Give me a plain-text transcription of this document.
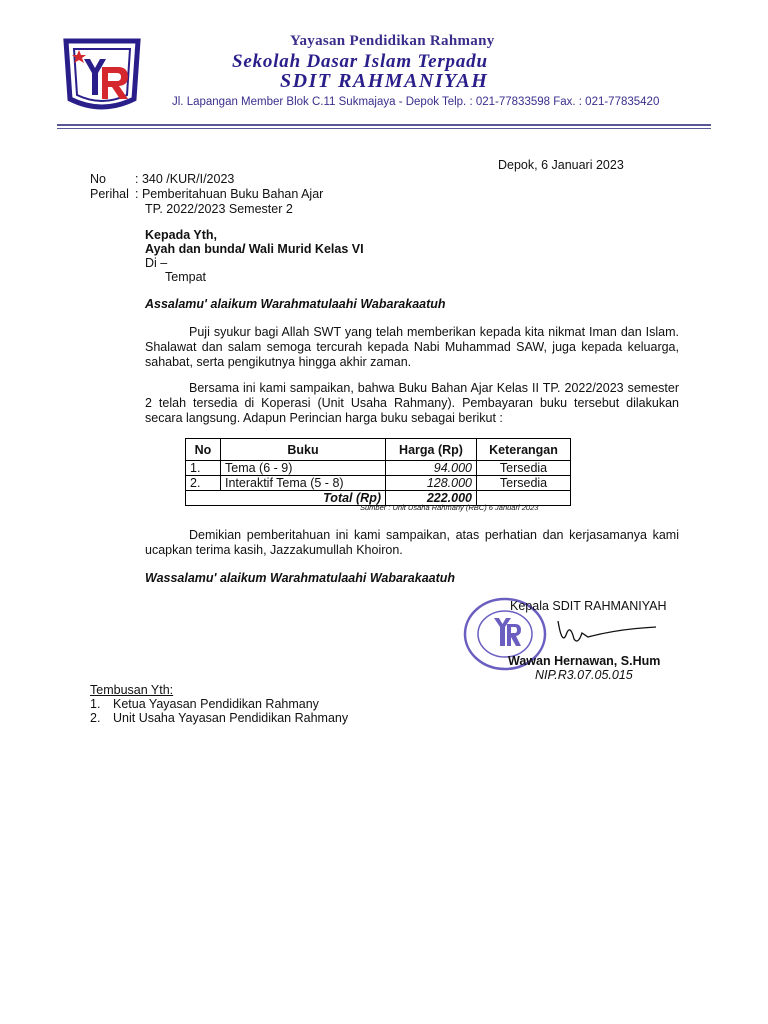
Yayasan Pendidikan Rahmany
Sekolah Dasar Islam Terpadu
SDIT RAHMANIYAH
Jl. Lapangan Member Blok C.11 Sukmajaya - Depok Telp. : 021-77833598 Fax. : 021-77835420
Depok, 6 Januari 2023
No : 340 /KUR/I/2023
Perihal : Pemberitahuan Buku Bahan Ajar
TP. 2022/2023 Semester 2
Kepada Yth,
Ayah dan bundal Wali Murid Kelas VI
Di –
Tempat
Assalamu' alaikum Warahmatulaahi Wabarakaatuh
Puji syukur bagi Allah SWT yang telah memberikan kepada kita nikmat Iman dan Islam. Shalawat dan salam semoga tercurah kepada Nabi Muhammad SAW, juga kepada keluarga, sahabat, serta pengikutnya hingga akhir zaman.
Bersama ini kami sampaikan, bahwa Buku Bahan Ajar Kelas II TP. 2022/2023 semester 2 telah tersedia di Koperasi (Unit Usaha Rahmany). Pembayaran buku tersebut dilakukan secara langsung. Adapun Perincian harga buku sebagai berikut :
No	Buku	Harga (Rp)	Keterangan
1.	Tema (6 - 9)	94.000	Tersedia
2.	Interaktif Tema (5 - 8)	128.000	Tersedia
Total (Rp)		222.000	
Sumber : Unit Usaha Rahmany (RBC) 6 Januari 2023
Demikian pemberitahuan ini kami sampaikan, atas perhatian dan kerjasamanya kami ucapkan terima kasih, Jazzakumullah Khoiron.
Wassalamu' alaikum Warahmatulaahi Wabarakaatuh
Kepala SDIT RAHMANIYAH
Wawan Hernawan, S.Hum
NIP.R3.07.05.015
Tembusan Yth:
1. Ketua Yayasan Pendidikan Rahmany
2. Unit Usaha Yayasan Pendidikan Rahmany
